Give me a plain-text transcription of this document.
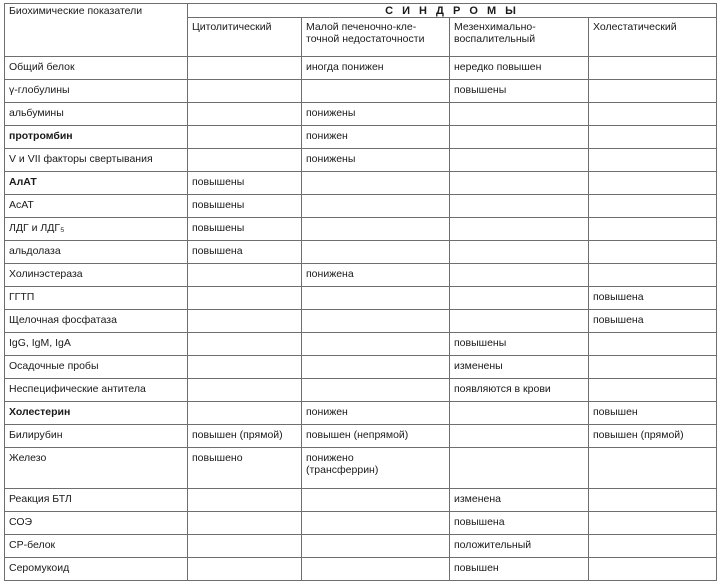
Биохимические показатели	С И Н Д Р О М Ы			
	Цитолитический	Малой печеночно-кле-
точной недостаточности	Мезенхимально-
воспалительный	Холестатический
Общий белок		иногда понижен	нередко повышен	
γ-глобулины			повышены	
альбумины		понижены		
протромбин		понижен		
V и VII факторы свертывания		понижены		
АлАТ	повышены			
АсАТ	повышены			
ЛДГ и ЛДГ₅	повышены			
альдолаза	повышена			
Холинэстераза		понижена		
ГГТП				повышена
Щелочная фосфатаза				повышена
IgG, IgM, IgA			повышены	
Осадочные пробы			изменены	
Неспецифические антитела			появляются в крови	
Холестерин		понижен		повышен
Билирубин	повышен (прямой)	повышен (непрямой)		повышен (прямой)
Железо	повышено	понижено
(трансферрин)		
Реакция БТЛ			изменена	
СОЭ			повышена	
СР-белок			положительный	
Серомукоид			повышен	
